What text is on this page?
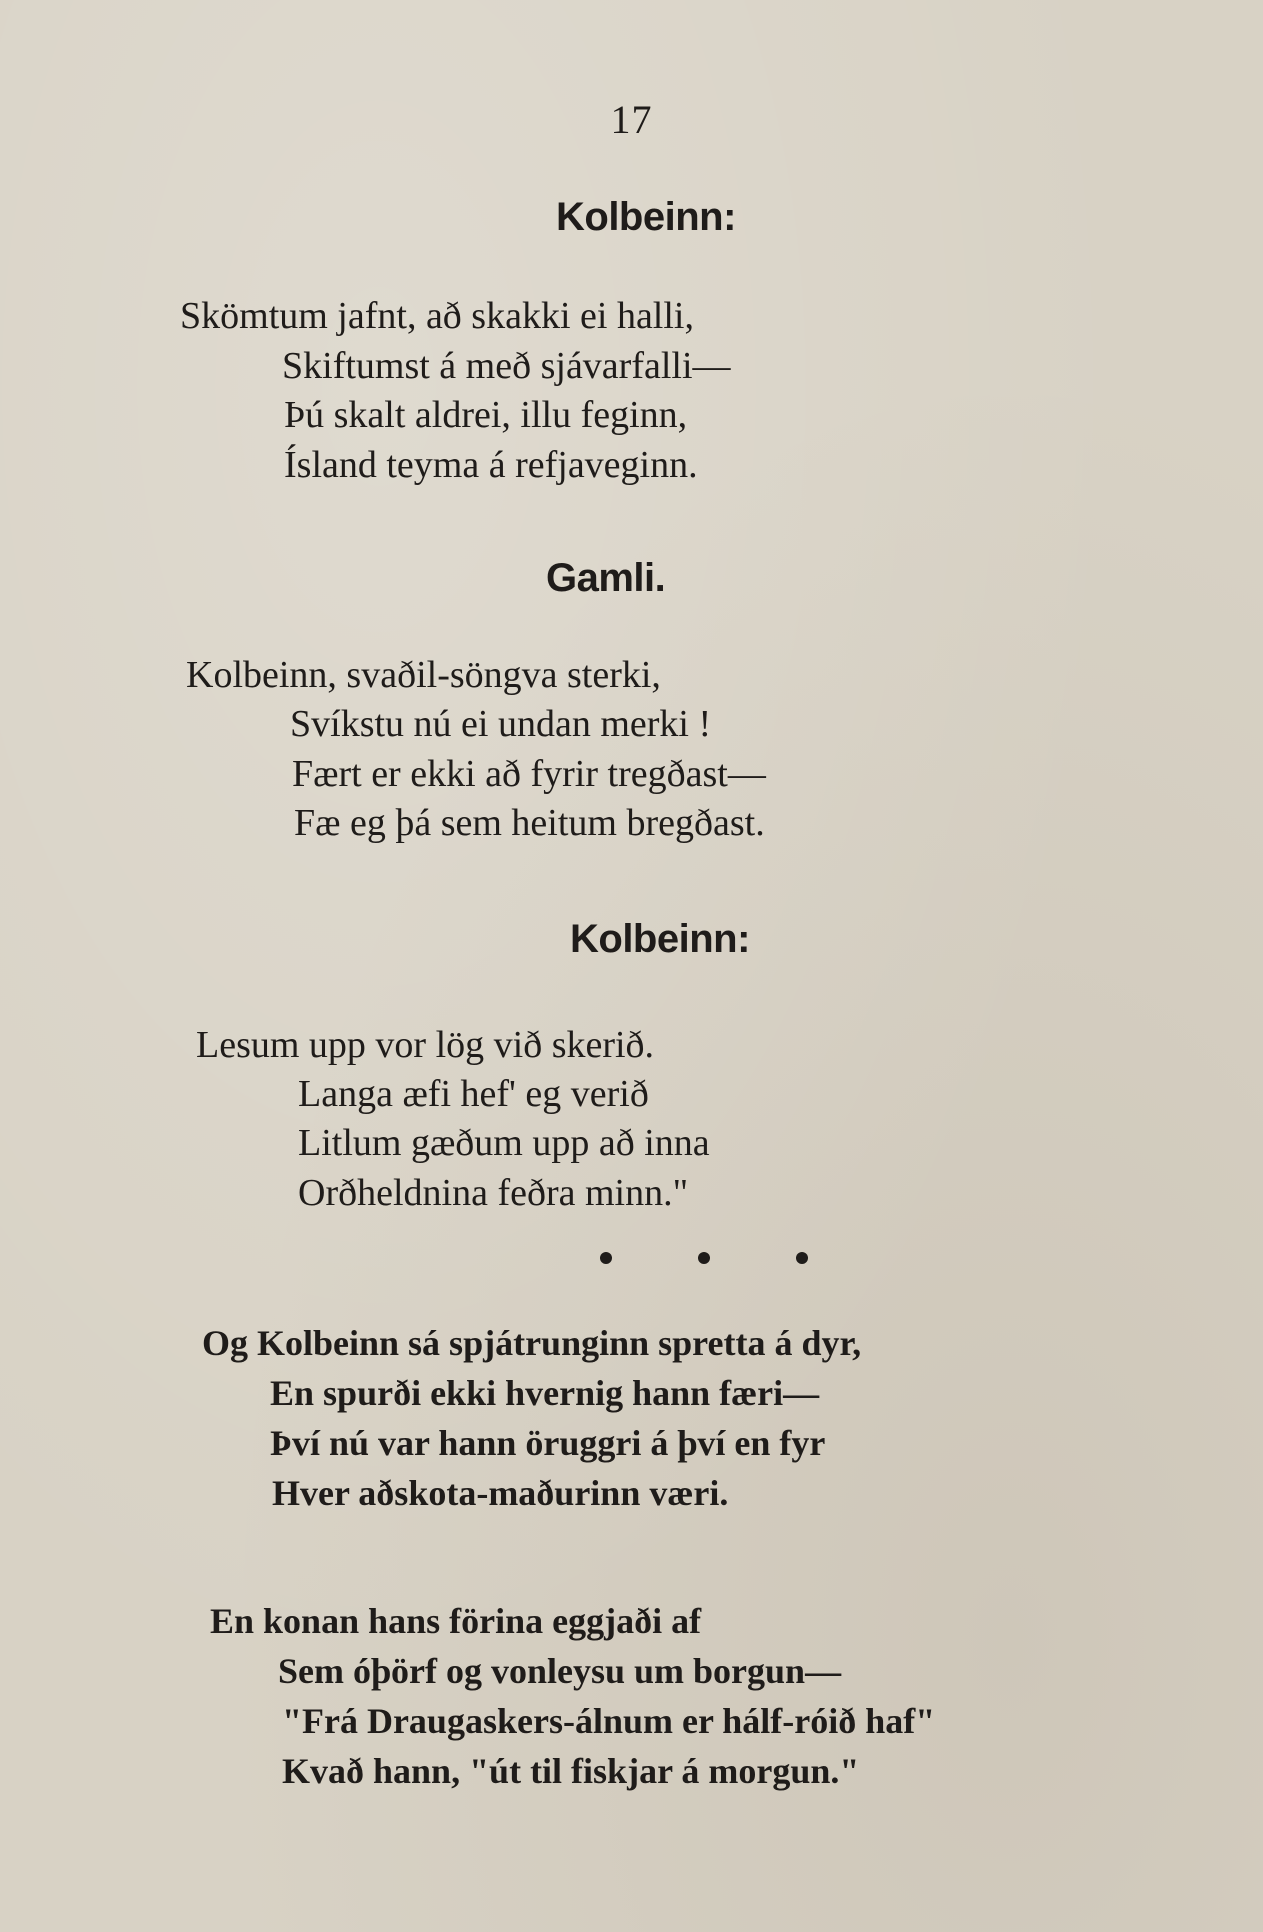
17
Kolbeinn:
Skömtum jafnt, að skakki ei halli,
Skiftumst á með sjávarfalli—
Þú skalt aldrei, illu feginn,
Ísland teyma á refjaveginn.
Gamli.
Kolbeinn, svaðil-söngva sterki,
Svíkstu nú ei undan merki !
Fært er ekki að fyrir tregðast—
Fæ eg þá sem heitum bregðast.
Kolbeinn:
Lesum upp vor lög við skerið.
Langa æfi hef' eg verið
Litlum gæðum upp að inna
Orðheldnina feðra minn."
Og Kolbeinn sá spjátrunginn spretta á dyr,
En spurði ekki hvernig hann færi—
Því nú var hann öruggri á því en fyr
Hver aðskota-maðurinn væri.
En konan hans förina eggjaði af
Sem óþörf og vonleysu um borgun—
"Frá Draugaskers-álnum er hálf-róið haf"
Kvað hann, "út til fiskjar á morgun."
